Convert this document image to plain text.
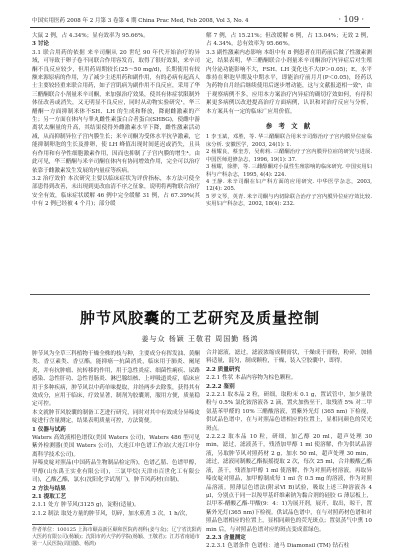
中国实用医药 2008 年 2 月第 3 卷第 4 期 China Prac Med, Feb 2008, Vol 3, No. 4	· 109 ·

大鼠 2 例，占 4.34%；显有效率为 95.66%。

3 讨论

3.1 联合用药的依据 来辛司酮从 20 世纪 90 年代开始治疗的异域，可导致于卵子卷不同联合作用容发育，取得了很好效果，来辛司酮不良反应较少，但用药周期较长(25～50 mg/d)，长期使用有较额来源原病的作用，为了减少主述用药和副作用，有的必病有起高人士主要较轻重来联合用药，如子宫肌病为副作用不良反应，采用了华三醋酮联合小剂量米辛司酮，来加强治疗效果，使其有体症状限制外体征改善或消失，又无明显不良反应，同时从动物实验研究¹，华三醋酮一方面抑制米体不SH、LH 的生成和释放，降耐雌激素的产生；另一方面在体内与睾丸雌性素蛋白合者蛋白(SHBG)，使雌中游离状太酮量的升高，其结果使得外雌激素水平下降，雌性激素活动减，从而抑制异位子宫内膜生长；米辛司酮为受体水平抗孕激素，它能抑制卵泡的生长及排卵，使 LH 峰值出现时间延迟或消失，且具有作用和有孕性细胞激素作用，因而也抑制了子宫内膜的增生⁴。由此可见，华三醋酮与米辛司酮在体内有协同增效作用，完全可以治疗依靠于雌激素发生发展的内量症等疾病。

3.2 治疗效价 本次研究主要以临床症状为评价指标，本方法可使全部患得到改善，未出现到更改血清不序之征象，说明将两物联合治疗安全有效，临床症状缓解 46 例中完全缓解 31 例，占 67.39%(其中有 2 例已经被 4 个月)；部分缓

解 7 例，占 15.21%；但改缓解 6 例，占 13.04%；无效 2 例，占 4.34%，总有效率为 95.66%。

3.3 副性激素内态影响 本组中有 8 例患者在用药前后做了性激素测定，结果表明，华三醋酮联合小剂量米辛司酮治疗内异症后对生殖内分泌功能影响不大，FSH、LH 变化也不大(P＞0.05)；E，水平维持在卵泡早期及中期水平，即能治疗前月月(P＜0.05)，经药以为药物自月经后继续使用后逐步增动能，这与文献报道相一致⁵，由于观察病例不多，应用本方案治疗内异症的确切疗效如何，有待积累更多病例以改进提高治疗方面病例，认识和对治疗反应与分析，本方案具有一定的临床广应用价值。

参 考 文 献

1 李玉斌，邓胜，等. 华三醋酮联合用米辛司醇治疗子宫内膜异位症临床分析. 安徽医学，2003, 24(1): 1.

2 杨耀良，蔡奎芳，吴莉莉. 三醋酮治疗子宫内膜异位症的研究与进展. 中国医师进修杂志，1996, 19(1): 37.

3 杨耀，徐胖，等. 三雌醇酮对小鼠性生殖影响的临床研究. 中国实用妇科与产科杂志，1995, 4(4): 224.

4 王静. 米辛司酮在妇产科方面的应用研究. 中华医学杂志，2003, 12(4): 205.

5 罗文琴，英青. 米辛司酮与内切除联合治疗子宫内膜异位症疗效比较. 实用妇产科杂志，2002, 18(4): 232.

肿节风胶囊的工艺研究及质量控制
姜与众 杨颖 王敬君 周国勤 杨鸿

肿节风为全草三科植物干燥全株的枝与种，主要成分有挥发油、黄酮类、香豆素类、香豆酯，能抑癌一抗菌消炎，临床用于肺炎、阑尾炎，并有抗肿瘤、抗转移的作用，用于急性炎症、细菌性痢疾、尿路感染、急性肝功、急性胃肠炎、淋巴腺结核、上呼吸道炎症，临床应用于多种疾病，肿节风以中药单味提取，并经两步去除浆，获得其有效成分，应用于临床，疗效显著，制剂为胶囊剂，服用方便，质量稳定可控。

本文就肿节风胶囊的制备工艺进行研究，同时对其中有效成分异嗪皮啶进行含量测定，结果表明质量可控，方法简便。

1 仪器与试药

Waters 高效液相色谱仪(美国 Waters 公司)，Waters 486 型可见紫外检测器(美国 Waters 公司)，大连江申色谱工作站(大连江申分离科学技术公司)。

异嗪皮啶对照品(中国药品生物制品检定所)，色谱乙腈、色谱甲醇，甲醇(山东禹王实业有限公司)，三氯甲烷(天津市百世化工有限公司)，乙酸乙酯，氯水(沈阳化学试剂厂)，肿节风药材(自制)。

2 方法与结果

2.1 提取工艺

2.1.1 处方 肿节风(3125 g)，淀粉(适量)。

2.1.2 制法 取处方量的肿节风，切碎，加水煎煮 3 次，1 h/次，

合并滤液，滤过，滤液浓缩成稠膏状，干燥成干膏粉，粉碎，加辅料适量，混匀，制成颗粒，干燥，装入空胶囊中，即得。

2.2 质量研究

2.2.1 性状 本品内容物为棕色颗粒。

2.2.2 鉴别

2.2.2.1 取本品 2 粒，研细，取粉末 0.1 g，置试管中，加少量铁粉与 0.5% 氯化铵溶液各 2 滴，置火加热至干，取残渣 5% 对二甲氨基苯甲醛的 10% 三醋酸溶液，置紫外光灯 (365 nm) 下检视，供试品色谱中，在与对照品色谱相应的位置上，显相同颜色的荧光斑点。

2.2.2.2 取本品 10 粒，研细，加乙醇 20 ml，超声处理 30 min，滤过，滤液蒸干，残渣加甲醇 1 ml 使溶解，作为供试品溶液，另取肿节风对照药材 2 g，加水 50 ml，超声处理 30 min，滤过，滤液同制酸乙酯振摇提取 2 次，每次 25 ml，合并酸酸乙酯液，蒸干，残渣加甲醇 1 ml 使溶解，作为对照药材溶液。再取异嗪皮啶对照品，加甲醇制成每 1 ml 含 0.5 mg 的溶液，作为对照品溶液。照薄层色谱法(附录Ⅵ B)试验，吸取上述三种溶液各 4 μl，分别点于同一以羧甲基纤维素钠为黏合剂的硅胶 G 薄层板上，以甲苯-醋酸乙酯-甲酸(9：4：1)为展开剂，展开，取出，晾干，置紫外光灯(365 nm)下检视。供试品色谱中，在与对照药材色谱和对照品色谱相应的位置上，显相同颜色的荧光斑点；置氨蒸气中熏 10 min 后，与对照品色谱对应的斑点变成蓝绿色。

2.2.3 含量测定

2.2.3.1 色谱条件 色谱柱：迪马 Diamonsil (TM) 钻石柱

作者单位：100125 上海市颐高新区颐和医院药剂科(姜与众)；辽宁省沈阳药大医药有限公司(杨颖)；沈阳市药大学药学院(杨颖、王敬君)；江苏省南通市第一人民医院(周国勤、杨鸿)
